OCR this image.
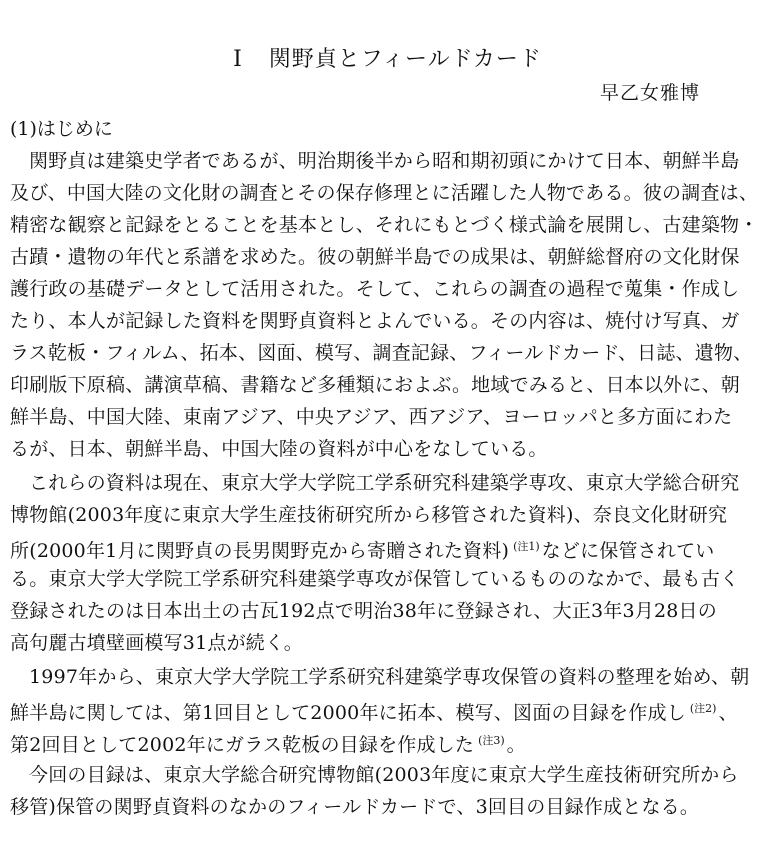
I 関野貞とフィールドカード
早乙女雅博
(1)はじめに
関野貞は建築史学者であるが、明治期後半から昭和期初頭にかけて日本、朝鮮半島
及び、中国大陸の文化財の調査とその保存修理とに活躍した人物である。彼の調査は、
精密な観察と記録をとることを基本とし、それにもとづく様式論を展開し、古建築物・
古蹟・遺物の年代と系譜を求めた。彼の朝鮮半島での成果は、朝鮮総督府の文化財保
護行政の基礎データとして活用された。そして、これらの調査の過程で蒐集・作成し
たり、本人が記録した資料を関野貞資料とよんでいる。その内容は、焼付け写真、ガ
ラス乾板・フィルム、拓本、図面、模写、調査記録、フィールドカード、日誌、遺物、
印刷版下原稿、講演草稿、書籍など多種類におよぶ。地域でみると、日本以外に、朝
鮮半島、中国大陸、東南アジア、中央アジア、西アジア、ヨーロッパと多方面にわた
るが、日本、朝鮮半島、中国大陸の資料が中心をなしている。
これらの資料は現在、東京大学大学院工学系研究科建築学専攻、東京大学総合研究
博物館(2003年度に東京大学生産技術研究所から移管された資料)、奈良文化財研究
所(2000年1月に関野貞の長男関野克から寄贈された資料) $^{(注1)}$ などに保管されてい
る。東京大学大学院工学系研究科建築学専攻が保管しているもののなかで、最も古く
登録されたのは日本出土の古瓦192点で明治38年に登録され、大正3年3月28日の
高句麗古墳壁画模写31点が続く。
1997年から、東京大学大学院工学系研究科建築学専攻保管の資料の整理を始め、朝
鮮半島に関しては、第1回目として2000年に拓本、模写、図面の目録を作成し $^{(注2)}$ 、
第2回目として2002年にガラス乾板の目録を作成した $^{(注3)}$ 。
今回の目録は、東京大学総合研究博物館(2003年度に東京大学生産技術研究所から
移管)保管の関野貞資料のなかのフィールドカードで、3回目の目録作成となる。
